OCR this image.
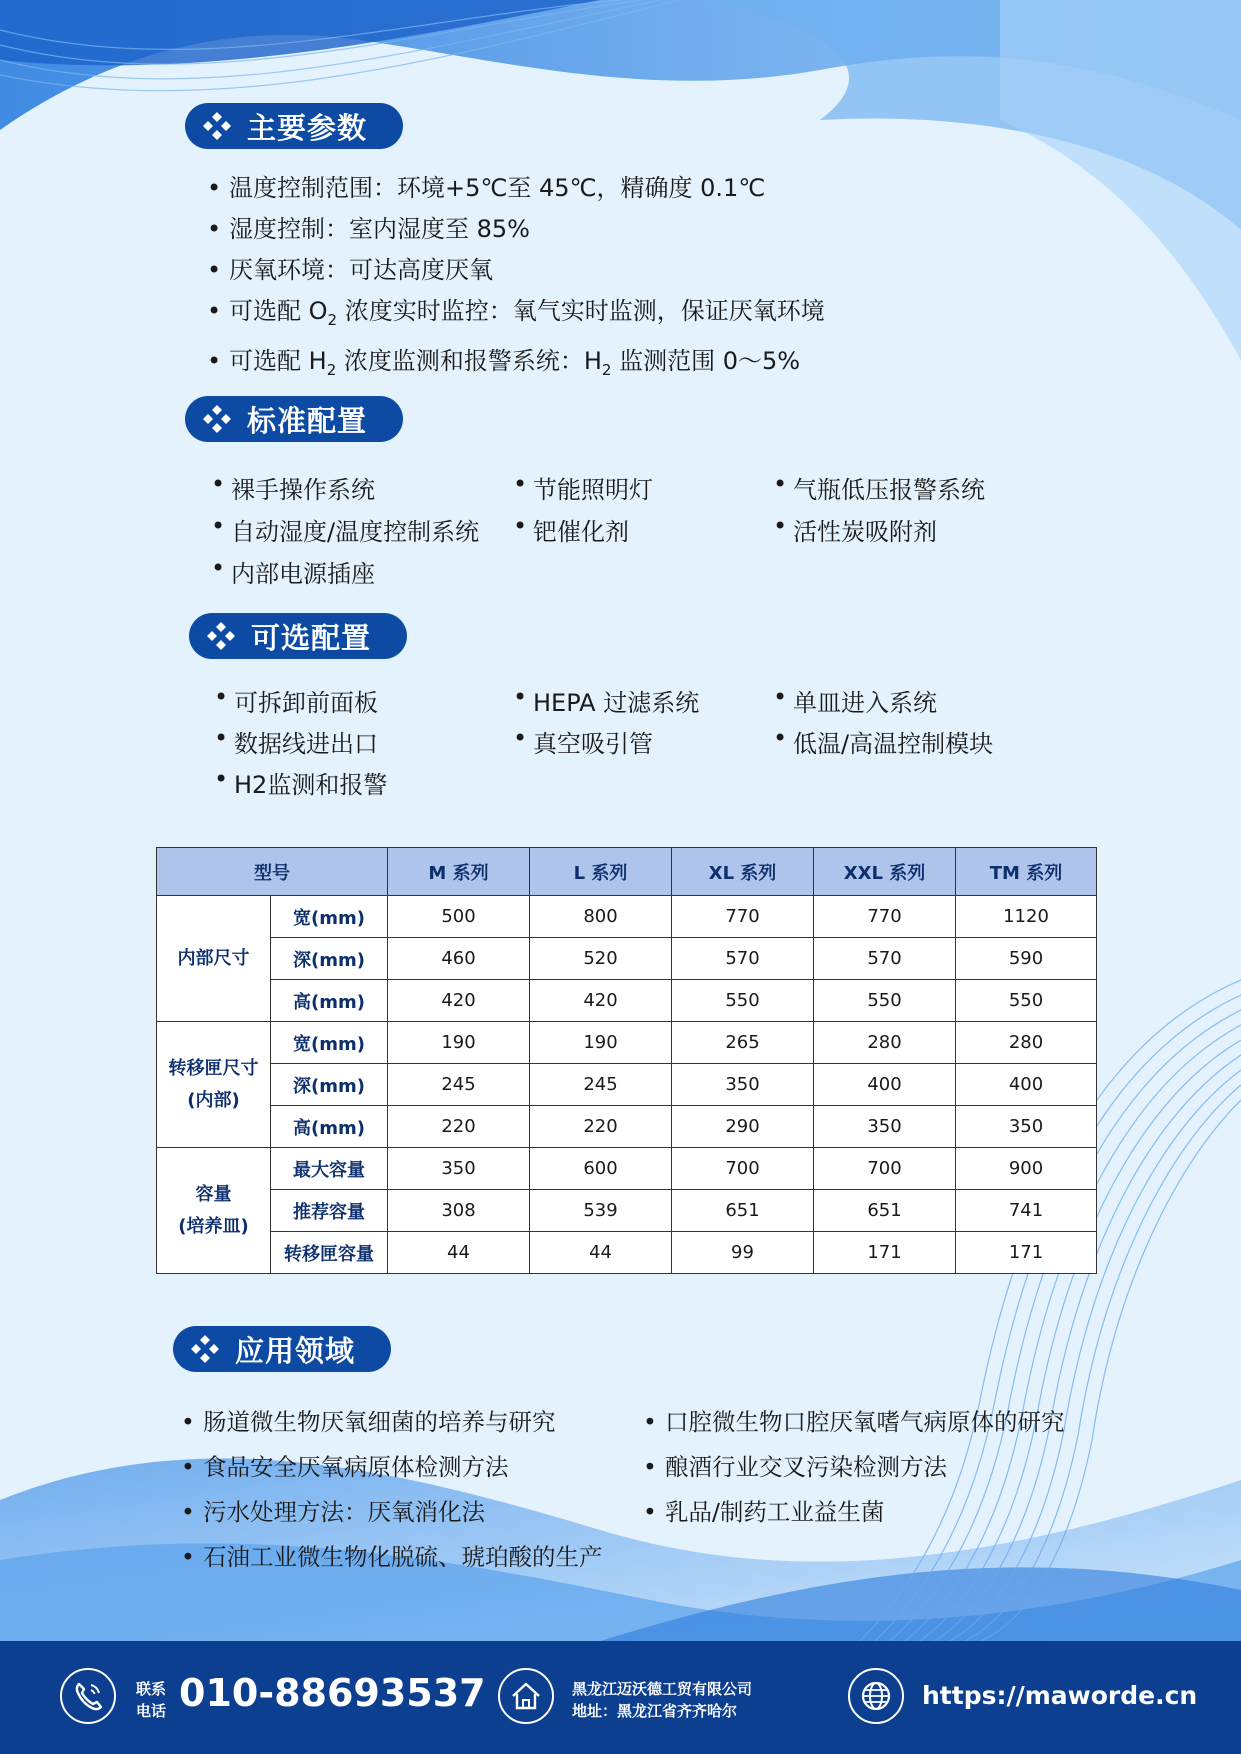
主要参数
• 温度控制范围：环境+5℃至 45℃，精确度 0.1℃
• 湿度控制：室内湿度至 85%
• 厌氧环境：可达高度厌氧
• 可选配 $O_2$ 浓度实时监控：氧气实时监测，保证厌氧环境
• 可选配 $H_2$ 浓度监测和报警系统：$H_2$ 监测范围 0～5%
标准配置
• 裸手操作系统	• 节能照明灯	• 气瓶低压报警系统
• 自动湿度/温度控制系统	• 钯催化剂	• 活性炭吸附剂
• 内部电源插座
可选配置
• 可拆卸前面板	• HEPA 过滤系统	• 单皿进入系统
• 数据线进出口	• 真空吸引管	• 低温/高温控制模块
• H2监测和报警
型号		M 系列	L 系列	XL 系列	XXL 系列	TM 系列

内部尺寸	宽(mm)	500	800	770	770	1120
	深(mm)	460	520	570	570	590
	高(mm)	420	420	550	550	550

转移匣尺寸
(内部)	宽(mm)	190	190	265	280	280
	深(mm)	245	245	350	400	400
	高(mm)	220	220	290	350	350

容量
(培养皿)	最大容量	350	600	700	700	900
	推荐容量	308	539	651	651	741
	转移匣容量	44	44	99	171	171
应用领域
• 肠道微生物厌氧细菌的培养与研究
• 食品安全厌氧病原体检测方法
• 污水处理方法：厌氧消化法
• 石油工业微生物化脱硫、琥珀酸的生产
• 口腔微生物口腔厌氧嗜气病原体的研究
• 酿酒行业交叉污染检测方法
• 乳品/制药工业益生菌
联系
电话 010-88693537	黑龙江迈沃德工贸有限公司
地址：黑龙江省齐齐哈尔
https://maworde.cn
